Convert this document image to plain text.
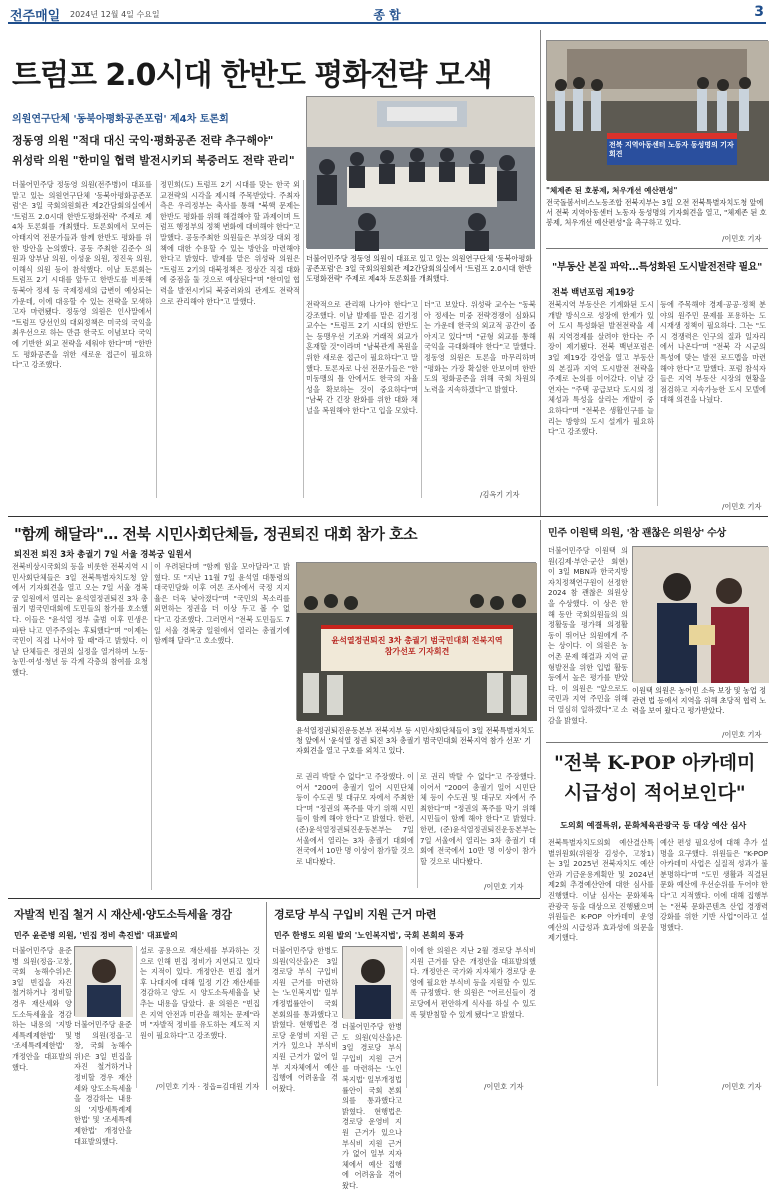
전주매일 2024년 12월 4일 수요일	종 합	3
트럼프 2.0시대 한반도 평화전략 모색
의원연구단체 '동북아평화공존포럼' 제4차 토론회
정동영 의원 "적대 대신 국익·평화공존 전략 추구해야"
위성락 의원 "한미일 협력 발전시키되 북중러도 전략 관리"
더불어민주당 정동영 의원이 대표로 있고 있는 의원연구단체 '동북아평화공존포럼'은 3일 국회의원회관 제2간담회의실에서 '트럼프 2.0시대 한반도평화전략' 주제로 제4차 토론회를 개최했다.
더불어민주당 정동영 의원(전주병)이 대표를 맡고 있는 의원연구단체 '동북아평화공존포럼'은 3일 국회의원회관 제2간담회의실에서 '트럼프 2.0시대 한반도평화전략' 주제로 제4차 토론회를 개최했다. 토론회에서 모여든 아태지역 전문가들과 함께 한반도 평화를 위한 방안을 논의했다. 공동 주최한 김준수 의원과 양부남 의원, 이성윤 의원, 정진욱 의원, 이해식 의원 등이 참석했다. 이날 토론회는 트럼프 2기 시대를 앞두고 한반도를 비롯해 동북아 정세 등 국제정세의 급변이 예상되는 가운데, 이에 대응할 수 있는 전략을 모색하고자 마련됐다. 정동영 의원은 인사말에서 "트럼프 당선인의 대외정책은 미국의 국익을 최우선으로 하는 만큼 한국도 이념보다 국익에 기반한 외교 전략을 세워야 한다"며 "한반도 평화공존을 위한 새로운 접근이 필요하다"고 강조했다.
정민희(도) 트럼프 2기 시대를 맞는 한국 외교전략의 시각을 제시해 주목받았다. 주최자 측은 우리정부는 축사를 통해 "북핵 문제는 한반도 평화를 위해 해결해야 할 과제이며 트럼프 행정부의 정책 변화에 대비해야 한다"고 말했다. 공동주최한 의원들은 부의장 대외 정책에 대한 수용할 수 있는 방안을 마련해야 한다고 밝혔다. 발제를 맡은 위성락 의원은 "트럼프 2기의 대북정책은 정상간 직접 대화에 중점을 둘 것으로 예상된다"며 "한미일 협력을 발전시키되 북중러와의 관계도 전략적으로 관리해야 한다"고 말했다.	전략적으로 관리해 나가야 한다"고 강조했다. 이날 발제를 맡은 김기정 교수는 "트럼프 2기 시대의 한반도는 동맹우선 기조와 거래적 외교가 혼재할 것"이라며 "남북관계 복원을 위한 새로운 접근이 필요하다"고 말했다. 토론자로 나선 전문가들은 "한미동맹의 틀 안에서도 한국의 자율성을 확보하는 것이 중요하다"며 "남북 간 긴장 완화를 위한 대화 채널을 복원해야 한다"고 입을 모았다.
더"고 보았다. 위성락 교수는 "동북아 정세는 미중 전략경쟁이 심화되는 가운데 한국의 외교적 공간이 좁아지고 있다"며 "균형 외교를 통해 국익을 극대화해야 한다"고 말했다. 정동영 의원은 토론을 마무리하며 "평화는 가장 확실한 안보이며 한반도의 평화공존을 위해 국회 차원의 노력을 지속하겠다"고 밝혔다.
/김옥기 기자
전북 지역아동센터 노동자 동성명의 기자회견
"체제존 된 호봉제, 처우개선 예산편성"
전국돌봄서비스노동조합 전북지부는 3일 오전 전북특별자치도청 앞에서 전북 지역아동센터 노동자 동성명의 기자회견을 열고, "체제존 된 호봉제, 처우개선 예산편성"을 촉구하고 있다.
/이민호 기자
"부동산 본질 파악…특성화된 도시발전전략 필요"
전북 백년포럼 제19강
전북지역 부동산은 기계화된 도시 개발 방식으로 성장에 한계가 있어 도시 특성화된 발전전략을 세워 지역경제를 살려야 한다는 주장이 제기됐다. 전북 백년포럼은 3일 제19강 강연을 열고 부동산의 본질과 지역 도시발전 전략을 주제로 논의를 이어갔다. 이날 강연자는 "주택 공급보다 도시의 정체성과 특성을 살리는 개발이 중요하다"며 "전북은 생활인구를 늘리는 방향의 도시 설계가 필요하다"고 강조했다.
등에 주목해야 경제·공공·정책 분야의 원주민 문제를 포용하는 도시재생 정책이 필요하다. 그는 "도시 경쟁력은 인구의 질과 일자리에서 나온다"며 "전북 각 시군의 특성에 맞는 발전 로드맵을 마련해야 한다"고 말했다. 포럼 참석자들은 지역 부동산 시장의 현황을 점검하고 지속가능한 도시 모델에 대해 의견을 나눴다.
/이민호 기자
"함께 해달라"… 전북 시민사회단체들, 정권퇴진 대회 참가 호소
퇴진전 퇴진 3차 총궐기 7일 서울 경복궁 일원서
전북비상시국회의 등을 비롯한 전북지역 시민사회단체들은 3일 전북특별자치도청 앞에서 기자회견을 열고 오는 7일 서울 경복궁 일원에서 열리는 윤석열정권퇴진 3차 총궐기 범국민대회에 도민들의 참가를 호소했다. 이들은 "윤석열 정부 출범 이후 민생은 파탄 나고 민주주의는 후퇴했다"며 "이제는 국민이 직접 나서야 할 때"라고 밝혔다. 이날 단체들은 정권의 실정을 열거하며 노동·농민·여성·청년 등 각계 각층의 참여를 요청했다.
이 우려된다며 "함께 힘을 모아달라"고 밝혔다. 또 "지난 11월 7일 윤석열 대통령의 대국민담화 이후 여론 조사에서 국정 지지율은 더욱 낮아졌다"며 "국민의 목소리를 외면하는 정권을 더 이상 두고 볼 수 없다"고 강조했다. 그러면서 "전북 도민들도 7일 서울 경복궁 일원에서 열리는 총궐기에 함께해 달라"고 호소했다.	윤석열정권퇴진 3차 총궐기 범국민대회 전북지역 참가선포 기자회견
윤석열정권퇴진운동본부 전북지부 등 시민사회단체들이 3일 전북특별자치도청 앞에서 '윤석열 정권 퇴진 3차 총궐기 범국민대회 전북지역 참가 선포' 기자회견을 열고 구호를 외치고 있다.
로 권리 박탈 수 없다"고 주장했다. 이어서 "200여 총궐기 일어 시민단체 등이 수도권 및 대규모 자에서 주최한다"며 "정권의 폭주를 막기 위해 시민들이 함께 해야 한다"고 밝혔다. 한편, (준)윤석열정권퇴진운동본부는 7일 서울에서 열리는 3차 총궐기 대회에 전국에서 10만 명 이상이 참가할 것으로 내다봤다.
로 권리 박탈 수 없다"고 주장했다. 이어서 "200여 총궐기 일어 시민단체 등이 수도권 및 대규모 자에서 주최한다"며 "정권의 폭주를 막기 위해 시민들이 함께 해야 한다"고 밝혔다. 한편, (준)윤석열정권퇴진운동본부는 7일 서울에서 열리는 3차 총궐기 대회에 전국에서 10만 명 이상이 참가할 것으로 내다봤다.
/이민호 기자
민주 이원택 의원, '참 괜찮은 의원상' 수상
더불어민주당 이원택 의원(김제·부안·군산 회현)이 3일 MBN과 한국지방자치정책연구원이 선정한 2024 참 괜찮은 의원상을 수상했다. 이 상은 한 해 동안 국회의원들의 의정활동을 평가해 의정활동이 뛰어난 의원에게 주는 상이다. 이 의원은 농어촌 문제 해결과 지역 균형발전을 위한 입법 활동 등에서 높은 평가를 받았다. 이 의원은 "앞으로도 국민과 지역 주민을 위해 더 열심히 일하겠다"고 소감을 밝혔다.
이원택 의원은 농어민 소득 보장 및 농업 정 관련 법 등에서 지역을 위해 초당적 협력 노력을 보여 왔다고 평가받았다.
/이민호 기자
"전북 K-POP 아카데미
시급성이 적어보인다"
도의회 예결특위, 문화체육관광국 등 대상 예산 심사
전북특별자치도의회 예산결산특별위원회(위원장 김성수, 고창1)는 3일 2025년 전북자치도 예산안과 기금운용계획안 및 2024년 제2회 추경예산안에 대한 심사를 진행했다. 이날 심사는 문화체육관광국 등을 대상으로 진행됐으며 위원들은 K-POP 아카데미 운영 예산의 시급성과 효과성에 의문을 제기했다.
예산 편성 필요성에 대해 추가 설명을 요구했다. 위원들은 "K-POP 아카데미 사업은 실질적 성과가 불분명하다"며 "도민 생활과 직결된 문화 예산에 우선순위를 두어야 한다"고 지적했다. 이에 대해 집행부는 "전북 문화콘텐츠 산업 경쟁력 강화를 위한 기반 사업"이라고 설명했다.
/이민호 기자
자발적 빈집 철거 시 재산세·양도소득세율 경감
민주 윤준병 의원, '빈집 정비 촉진법' 대표발의
더불어민주당 윤준병 의원(정읍·고창, 국회 농해수위)은 3일 빈집을 자진 철거하거나 정비할 경우 재산세와 양도소득세율을 경감하는 내용의 '지방세특례제한법' 및 '조세특례제한법' 개정안을 대표발의했다.
더불어민주당 윤준병 의원(정읍·고창, 국회 농해수위)은 3일 빈집을 자진 철거하거나 정비할 경우 재산세와 양도소득세율을 경감하는 내용의 '지방세특례제한법' 및 '조세특례제한법' 개정안을 대표발의했다.
설로 공용으로 재산세를 부과하는 것으로 인해 빈집 정비가 지연되고 있다는 지적이 있다. 개정안은 빈집 철거 후 나대지에 대해 일정 기간 재산세를 경감하고 양도 시 양도소득세율을 낮추는 내용을 담았다. 윤 의원은 "빈집은 지역 안전과 미관을 해치는 문제"라며 "자발적 정비를 유도하는 제도적 지원이 필요하다"고 강조했다.
/이민호 기자 · 정읍=김대원 기자
경로당 부식 구입비 지원 근거 마련
민주 한병도 의원 발의 '노인복지법', 국회 본회의 통과
더불어민주당 한병도 의원(익산을)은 3일 경로당 부식 구입비 지원 근거를 마련하는 '노인복지법' 일부개정법률안이 국회 본회의를 통과했다고 밝혔다. 현행법은 경로당 운영비 지원 근거가 있으나 부식비 지원 근거가 없어 일부 지자체에서 예산 집행에 어려움을 겪어왔다.
더불어민주당 한병도 의원(익산을)은 3일 경로당 부식 구입비 지원 근거를 마련하는 '노인복지법' 일부개정법률안이 국회 본회의를 통과했다고 밝혔다. 현행법은 경로당 운영비 지원 근거가 있으나 부식비 지원 근거가 없어 일부 지자체에서 예산 집행에 어려움을 겪어왔다.
이에 한 의원은 지난 2월 경로당 부식비 지원 근거를 담은 개정안을 대표발의했다. 개정안은 국가와 지자체가 경로당 운영에 필요한 부식비 등을 지원할 수 있도록 규정했다. 한 의원은 "어르신들이 경로당에서 편안하게 식사를 하실 수 있도록 뒷받침할 수 있게 됐다"고 밝혔다.
/이민호 기자
